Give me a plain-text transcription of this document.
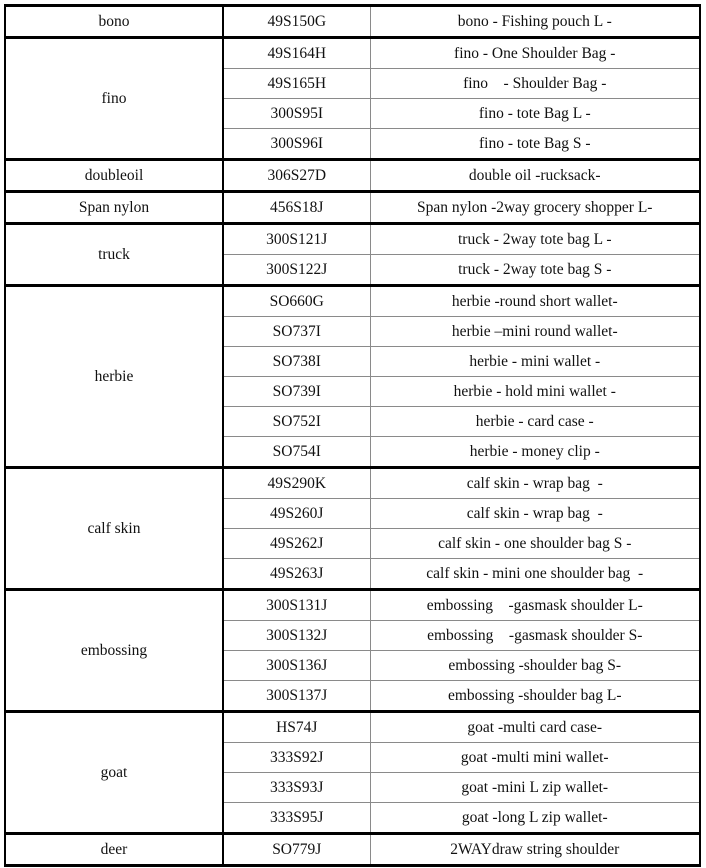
bono	49S150G	bono - Fishing pouch L -
fino	49S164H	fino - One Shoulder Bag -
	49S165H	fino    - Shoulder Bag -
	300S95I	fino - tote Bag L -
	300S96I	fino - tote Bag S -
doubleoil	306S27D	double oil -rucksack-
Span nylon	456S18J	Span nylon -2way grocery shopper L-
truck	300S121J	truck - 2way tote bag L -
	300S122J	truck - 2way tote bag S -
herbie	SO660G	herbie -round short wallet-
	SO737I	herbie –mini round wallet-
	SO738I	herbie - mini wallet -
	SO739I	herbie - hold mini wallet -
	SO752I	herbie - card case -
	SO754I	herbie - money clip -
calf skin	49S290K	calf skin - wrap bag  -
	49S260J	calf skin - wrap bag  -
	49S262J	calf skin - one shoulder bag S -
	49S263J	calf skin - mini one shoulder bag  -
embossing	300S131J	embossing    -gasmask shoulder L-
	300S132J	embossing    -gasmask shoulder S-
	300S136J	embossing -shoulder bag S-
	300S137J	embossing -shoulder bag L-
goat	HS74J	goat -multi card case-
	333S92J	goat -multi mini wallet-
	333S93J	goat -mini L zip wallet-
	333S95J	goat -long L zip wallet-
deer	SO779J	2WAYdraw string shoulder
